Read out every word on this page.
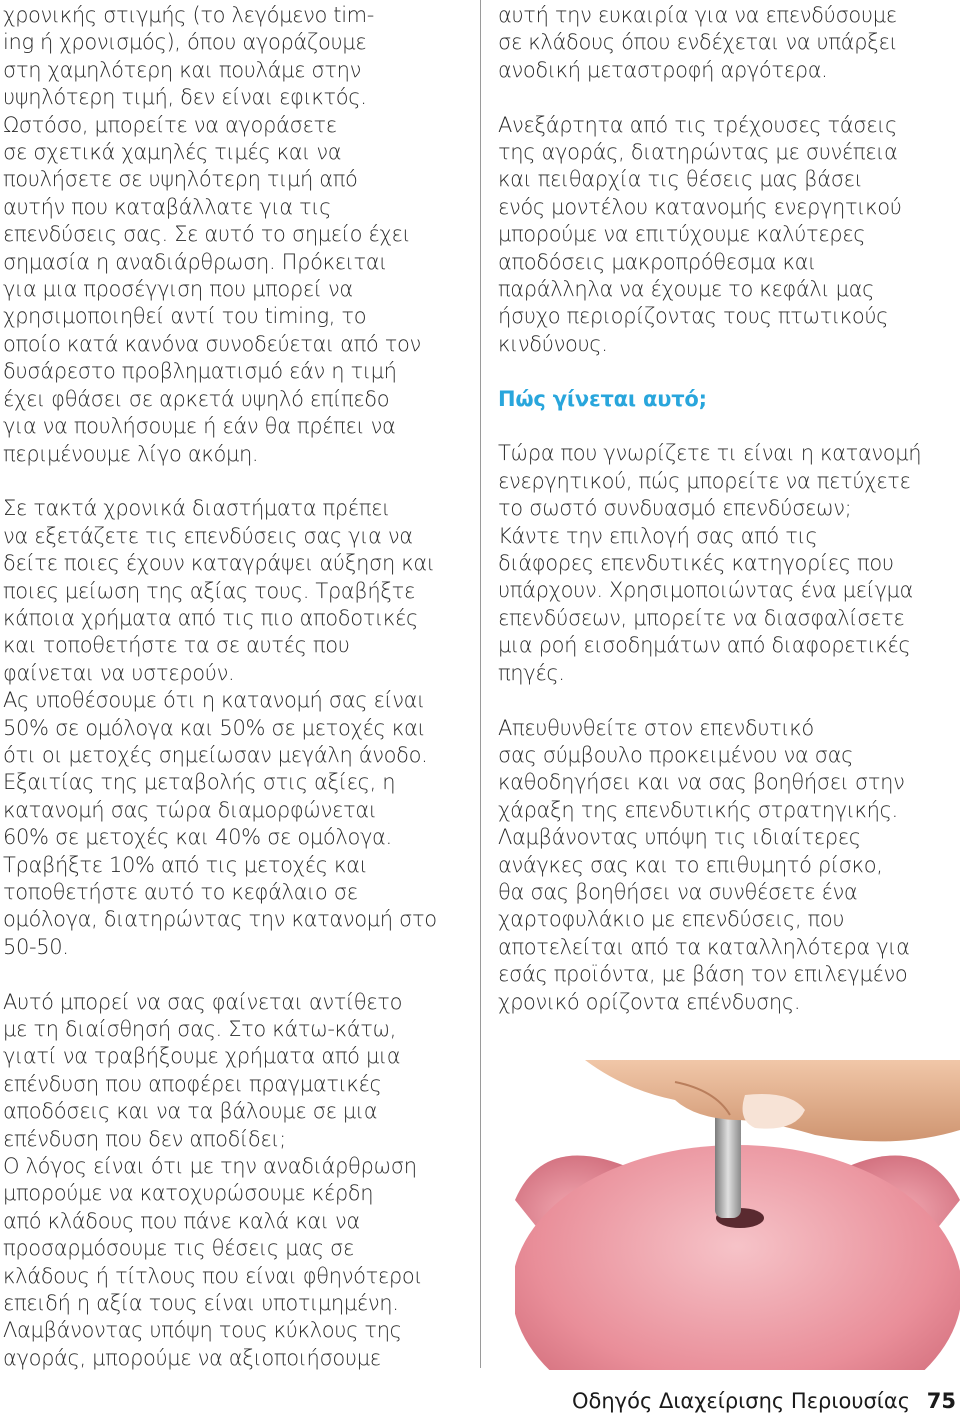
χρονικής στιγμής (το λεγόμενο tim-
ing ή χρονισμός), όπου αγοράζουμε
στη χαμηλότερη και πουλάμε στην
υψηλότερη τιμή, δεν είναι εφικτός.
Ωστόσο, μπορείτε να αγοράσετε
σε σχετικά χαμηλές τιμές και να
πουλήσετε σε υψηλότερη τιμή από
αυτήν που καταβάλλατε για τις
επενδύσεις σας. Σε αυτό το σημείο έχει
σημασία η αναδιάρθρωση. Πρόκειται
για μια προσέγγιση που μπορεί να
χρησιμοποιηθεί αντί του timing, το
οποίο κατά κανόνα συνοδεύεται από τον
δυσάρεστο προβληματισμό εάν η τιμή
έχει φθάσει σε αρκετά υψηλό επίπεδο
για να πουλήσουμε ή εάν θα πρέπει να
περιμένουμε λίγο ακόμη.

Σε τακτά χρονικά διαστήματα πρέπει
να εξετάζετε τις επενδύσεις σας για να
δείτε ποιες έχουν καταγράψει αύξηση και
ποιες μείωση της αξίας τους. Τραβήξτε
κάποια χρήματα από τις πιο αποδοτικές
και τοποθετήστε τα σε αυτές που
φαίνεται να υστερούν.
Ας υποθέσουμε ότι η κατανομή σας είναι
50% σε ομόλογα και 50% σε μετοχές και
ότι οι μετοχές σημείωσαν μεγάλη άνοδο.
Εξαιτίας της μεταβολής στις αξίες, η
κατανομή σας τώρα διαμορφώνεται
60% σε μετοχές και 40% σε ομόλογα.
Τραβήξτε 10% από τις μετοχές και
τοποθετήστε αυτό το κεφάλαιο σε
ομόλογα, διατηρώντας την κατανομή στο
50-50.

Αυτό μπορεί να σας φαίνεται αντίθετο
με τη διαίσθησή σας. Στο κάτω-κάτω,
γιατί να τραβήξουμε χρήματα από μια
επένδυση που αποφέρει πραγματικές
αποδόσεις και να τα βάλουμε σε μια
επένδυση που δεν αποδίδει;
Ο λόγος είναι ότι με την αναδιάρθρωση
μπορούμε να κατοχυρώσουμε κέρδη
από κλάδους που πάνε καλά και να
προσαρμόσουμε τις θέσεις μας σε
κλάδους ή τίτλους που είναι φθηνότεροι
επειδή η αξία τους είναι υποτιμημένη.
Λαμβάνοντας υπόψη τους κύκλους της
αγοράς, μπορούμε να αξιοποιήσουμε

αυτή την ευκαιρία για να επενδύσουμε
σε κλάδους όπου ενδέχεται να υπάρξει
ανοδική μεταστροφή αργότερα.

Ανεξάρτητα από τις τρέχουσες τάσεις
της αγοράς, διατηρώντας με συνέπεια
και πειθαρχία τις θέσεις μας βάσει
ενός μοντέλου κατανομής ενεργητικού
μπορούμε να επιτύχουμε καλύτερες
αποδόσεις μακροπρόθεσμα και
παράλληλα να έχουμε το κεφάλι μας
ήσυχο περιορίζοντας τους πτωτικούς
κινδύνους.

Πώς γίνεται αυτό;

Τώρα που γνωρίζετε τι είναι η κατανομή
ενεργητικού, πώς μπορείτε να πετύχετε
το σωστό συνδυασμό επενδύσεων;
Κάντε την επιλογή σας από τις
διάφορες επενδυτικές κατηγορίες που
υπάρχουν. Χρησιμοποιώντας ένα μείγμα
επενδύσεων, μπορείτε να διασφαλίσετε
μια ροή εισοδημάτων από διαφορετικές
πηγές.

Απευθυνθείτε στον επενδυτικό
σας σύμβουλο προκειμένου να σας
καθοδηγήσει και να σας βοηθήσει στην
χάραξη της επενδυτικής στρατηγικής.
Λαμβάνοντας υπόψη τις ιδιαίτερες
ανάγκες σας και το επιθυμητό ρίσκο,
θα σας βοηθήσει να συνθέσετε ένα
χαρτοφυλάκιο με επενδύσεις, που
αποτελείται από τα καταλληλότερα για
εσάς προϊόντα, με βάση τον επιλεγμένο
χρονικό ορίζοντα επένδυσης.

Οδηγός Διαχείρισης Περιουσίας 75
